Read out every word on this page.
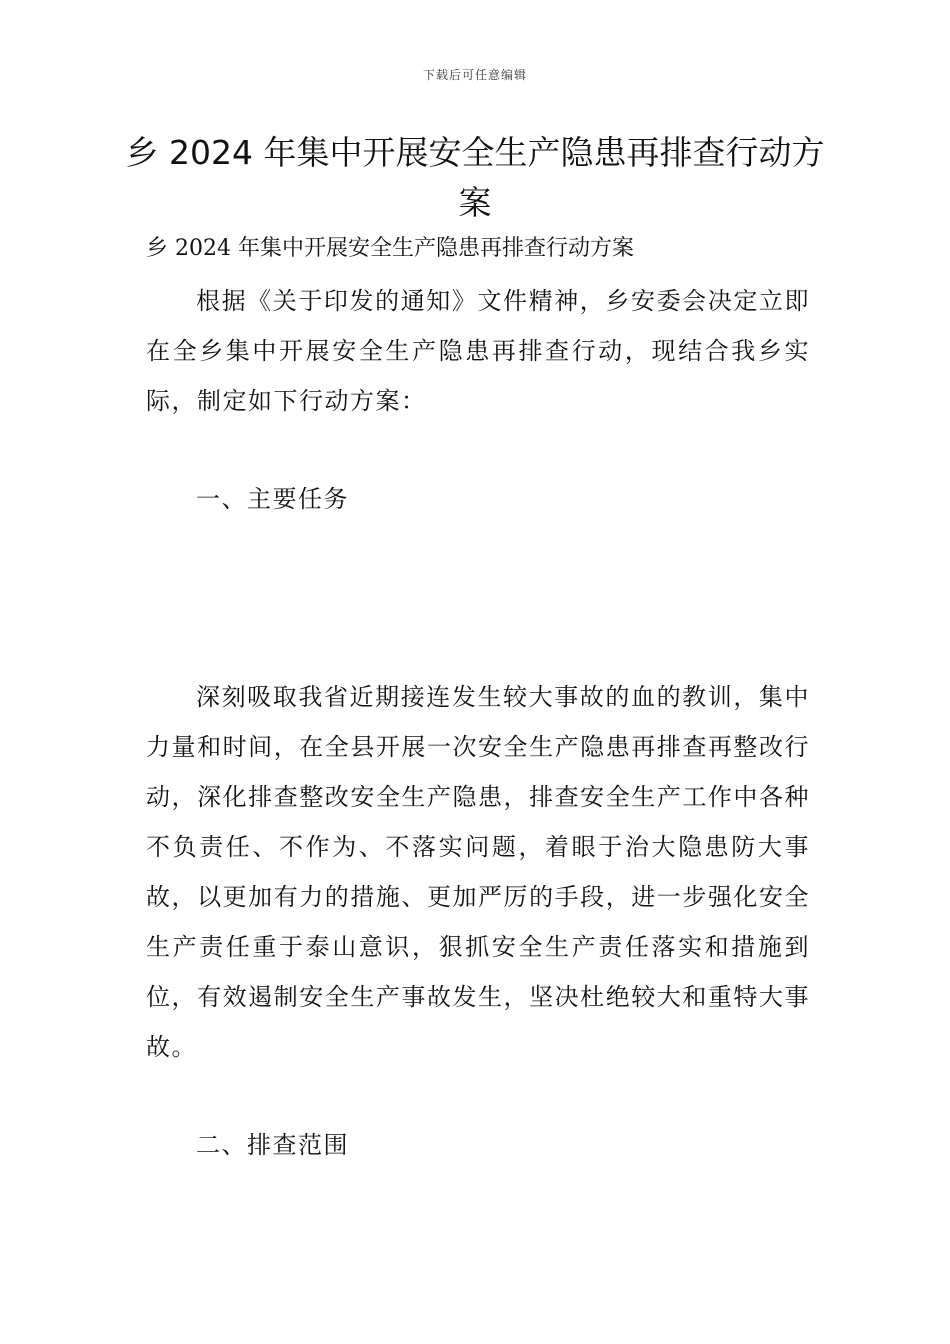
下载后可任意编辑
乡 2024 年集中开展安全生产隐患再排查行动方案
乡 2024 年集中开展安全生产隐患再排查行动方案
根据《关于印发的通知》文件精神，乡安委会决定立即在全乡集中开展安全生产隐患再排查行动，现结合我乡实际，制定如下行动方案：
一、主要任务
深刻吸取我省近期接连发生较大事故的血的教训，集中力量和时间，在全县开展一次安全生产隐患再排查再整改行动，深化排查整改安全生产隐患，排查安全生产工作中各种不负责任、不作为、不落实问题，着眼于治大隐患防大事故，以更加有力的措施、更加严厉的手段，进一步强化安全生产责任重于泰山意识，狠抓安全生产责任落实和措施到位，有效遏制安全生产事故发生，坚决杜绝较大和重特大事故。
二、排查范围
